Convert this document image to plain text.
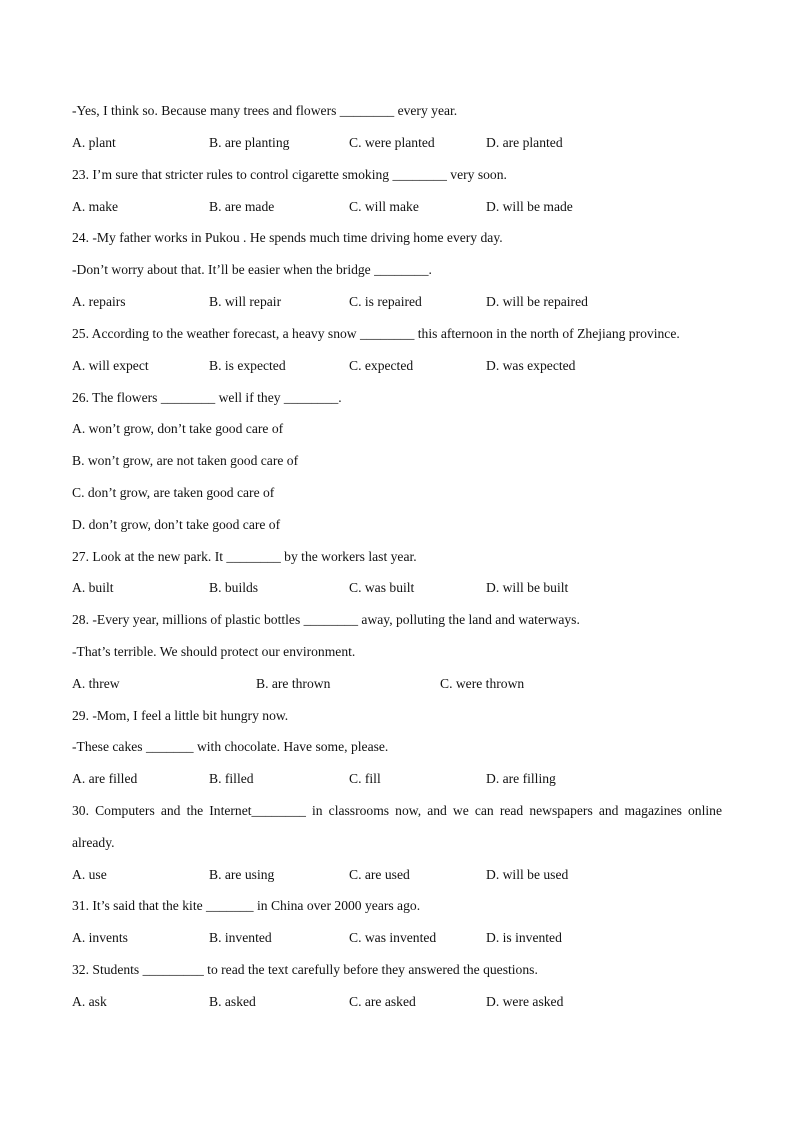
-Yes, I think so. Because many trees and flowers ________ every year.
A. plant	B. are planting	C. were planted	D. are planted
23. I’m sure that stricter rules to control cigarette smoking ________ very soon.
A. make	B. are made	C. will make	D. will be made
24. -My father works in Pukou . He spends much time driving home every day.
-Don’t worry about that. It’ll be easier when the bridge ________.
A. repairs	B. will repair	C. is repaired	D. will be repaired
25. According to the weather forecast, a heavy snow ________ this afternoon in the north of Zhejiang province.
A. will expect	B. is expected	C. expected	D. was expected
26. The flowers ________ well if they ________.
A. won’t grow, don’t take good care of
B. won’t grow, are not taken good care of
C. don’t grow, are taken good care of
D. don’t grow, don’t take good care of
27. Look at the new park. It ________ by the workers last year.
A. built	B. builds	C. was built	D. will be built
28. -Every year, millions of plastic bottles ________ away, polluting the land and waterways.
-That’s terrible. We should protect our environment.
A. threw	B. are thrown	C. were thrown
29. -Mom, I feel a little bit hungry now.
-These cakes _______ with chocolate. Have some, please.
A. are filled	B. filled	C. fill	D. are filling
30. Computers and the Internet________ in classrooms now, and we can read newspapers and magazines online
already.
A. use	B. are using	C. are used	D. will be used
31. It’s said that the kite _______ in China over 2000 years ago.
A. invents	B. invented	C. was invented	D. is invented
32. Students _________ to read the text carefully before they answered the questions.
A. ask	B. asked	C. are asked	D. were asked
